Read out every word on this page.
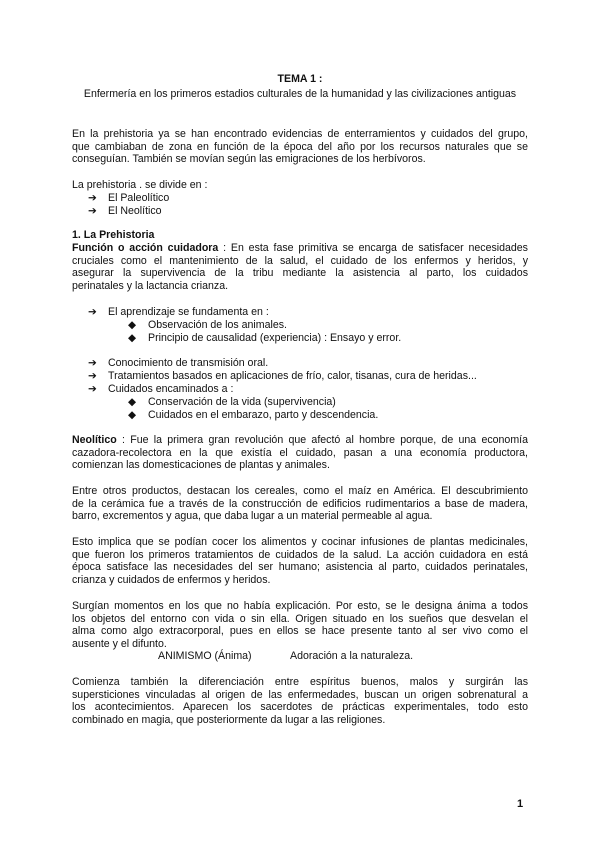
TEMA 1 :
Enfermería en los primeros estadios culturales de la humanidad y las civilizaciones antiguas
En la prehistoria ya se han encontrado evidencias de enterramientos y cuidados del grupo,
que cambiaban de zona en función de la época del año por los recursos naturales que se
conseguían. También se movían según las emigraciones de los herbívoros.
La prehistoria . se divide en :
➔ El Paleolítico
➔ El Neolítico
1. La Prehistoria
Función o acción cuidadora : En esta fase primitiva se encarga de satisfacer necesidades
cruciales como el mantenimiento de la salud, el cuidado de los enfermos y heridos, y
asegurar la supervivencia de la tribu mediante la asistencia al parto, los cuidados
perinatales y la lactancia crianza.
➔ El aprendizaje se fundamenta en :
◆ Observación de los animales.
◆ Principio de causalidad (experiencia) : Ensayo y error.
➔ Conocimiento de transmisión oral.
➔ Tratamientos basados en aplicaciones de frío, calor, tisanas, cura de heridas...
➔ Cuidados encaminados a :
◆ Conservación de la vida (supervivencia)
◆ Cuidados en el embarazo, parto y descendencia.
Neolítico : Fue la primera gran revolución que afectó al hombre porque, de una economía
cazadora-recolectora en la que existía el cuidado, pasan a una economía productora,
comienzan las domesticaciones de plantas y animales.
Entre otros productos, destacan los cereales, como el maíz en América. El descubrimiento
de la cerámica fue a través de la construcción de edificios rudimentarios a base de madera,
barro, excrementos y agua, que daba lugar a un material permeable al agua.
Esto implica que se podían cocer los alimentos y cocinar infusiones de plantas medicinales,
que fueron los primeros tratamientos de cuidados de la salud. La acción cuidadora en está
época satisface las necesidades del ser humano; asistencia al parto, cuidados perinatales,
crianza y cuidados de enfermos y heridos.
Surgían momentos en los que no había explicación. Por esto, se le designa ánima a todos
los objetos del entorno con vida o sin ella. Origen situado en los sueños que desvelan el
alma como algo extracorporal, pues en ellos se hace presente tanto al ser vivo como el
ausente y el difunto.
ANIMISMO (Ánima)	Adoración a la naturaleza.
Comienza también la diferenciación entre espíritus buenos, malos y surgirán las
supersticiones vinculadas al origen de las enfermedades, buscan un origen sobrenatural a
los acontecimientos. Aparecen los sacerdotes de prácticas experimentales, todo esto
combinado en magia, que posteriormente da lugar a las religiones.
1
